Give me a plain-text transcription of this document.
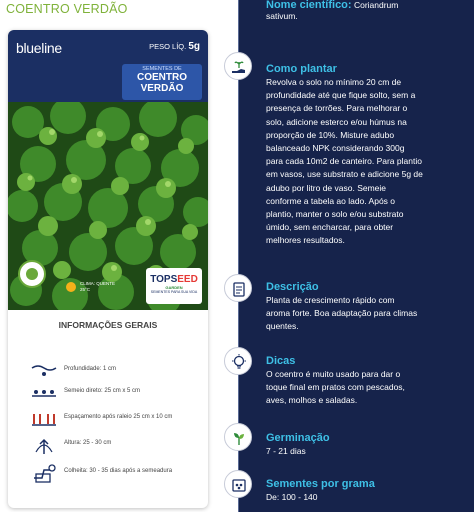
COENTRO VERDÃO
blueline	PESO LÍQ. 5g
SEMENTES DE
COENTRO
VERDÃO
CLIMA: QUENTE
25°C
TOPSEED
GARDEN
SEMENTES PARA SUA VIDA
INFORMAÇÕES GERAIS
Profundidade: 1 cm
Semeio direto: 25 cm x 5 cm
Espaçamento após raleio 25 cm x 10 cm
Altura: 25 - 30 cm
Colheita: 30 - 35 dias após a semeadura
Nome científico: Coriandrum
sativum.
Como plantar
Revolva o solo no mínimo 20 cm de
profundidade até que fique solto, sem a
presença de torrões. Para melhorar o
solo, adicione esterco e/ou húmus na
proporção de 10%. Misture adubo
balanceado NPK considerando 300g
para cada 10m2 de canteiro. Para plantio
em vasos, use substrato e adicione 5g de
adubo por litro de vaso. Semeie
conforme a tabela ao lado. Após o
plantio, manter o solo e/ou substrato
úmido, sem encharcar, para obter
melhores resultados.
Descrição
Planta de crescimento rápido com
aroma forte. Boa adaptação para climas
quentes.
Dicas
O coentro é muito usado para dar o
toque final em pratos com pescados,
aves, molhos e saladas.
Germinação
7 - 21 dias
Sementes por grama
De: 100 - 140
